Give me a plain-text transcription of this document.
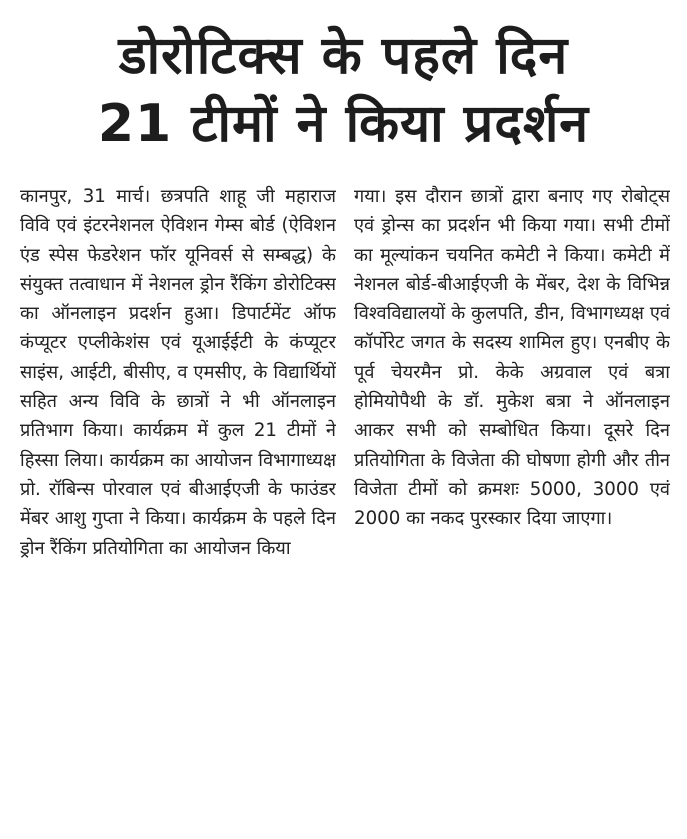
डोरोटिक्स के पहले दिन
21 टीमों ने किया प्रदर्शन

कानपुर, 31 मार्च। छत्रपति शाहू जी महाराज विवि एवं इंटरनेशनल ऐविशन गेम्स बोर्ड (ऐविशन एंड स्पेस फेडरेशन फॉर यूनिवर्स से सम्बद्ध) के संयुक्त तत्वाधान में नेशनल ड्रोन रैंकिंग डोरोटिक्स का ऑनलाइन प्रदर्शन हुआ। डिपार्टमेंट ऑफ कंप्यूटर एप्लीकेशंस एवं यूआईईटी के कंप्यूटर साइंस, आईटी, बीसीए, व एमसीए, के विद्यार्थियों सहित अन्य विवि के छात्रों ने भी ऑनलाइन प्रतिभाग किया। कार्यक्रम में कुल 21 टीमों ने हिस्सा लिया। कार्यक्रम का आयोजन विभागाध्यक्ष प्रो. रॉबिन्स पोरवाल एवं बीआईएजी के फाउंडर मेंबर आशु गुप्ता ने किया। कार्यक्रम के पहले दिन ड्रोन रैंकिंग प्रतियोगिता का आयोजन किया

गया। इस दौरान छात्रों द्वारा बनाए गए रोबोट्स एवं ड्रोन्स का प्रदर्शन भी किया गया। सभी टीमों का मूल्यांकन चयनित कमेटी ने किया। कमेटी में नेशनल बोर्ड-बीआईएजी के मेंबर, देश के विभिन्न विश्वविद्यालयों के कुलपति, डीन, विभागध्यक्ष एवं कॉर्पोरेट जगत के सदस्य शामिल हुए। एनबीए के पूर्व चेयरमैन प्रो. केके अग्रवाल एवं बत्रा होमियोपैथी के डॉ. मुकेश बत्रा ने ऑनलाइन आकर सभी को सम्बोधित किया। दूसरे दिन प्रतियोगिता के विजेता की घोषणा होगी और तीन विजेता टीमों को क्रमशः 5000, 3000 एवं 2000 का नकद पुरस्कार दिया जाएगा।
